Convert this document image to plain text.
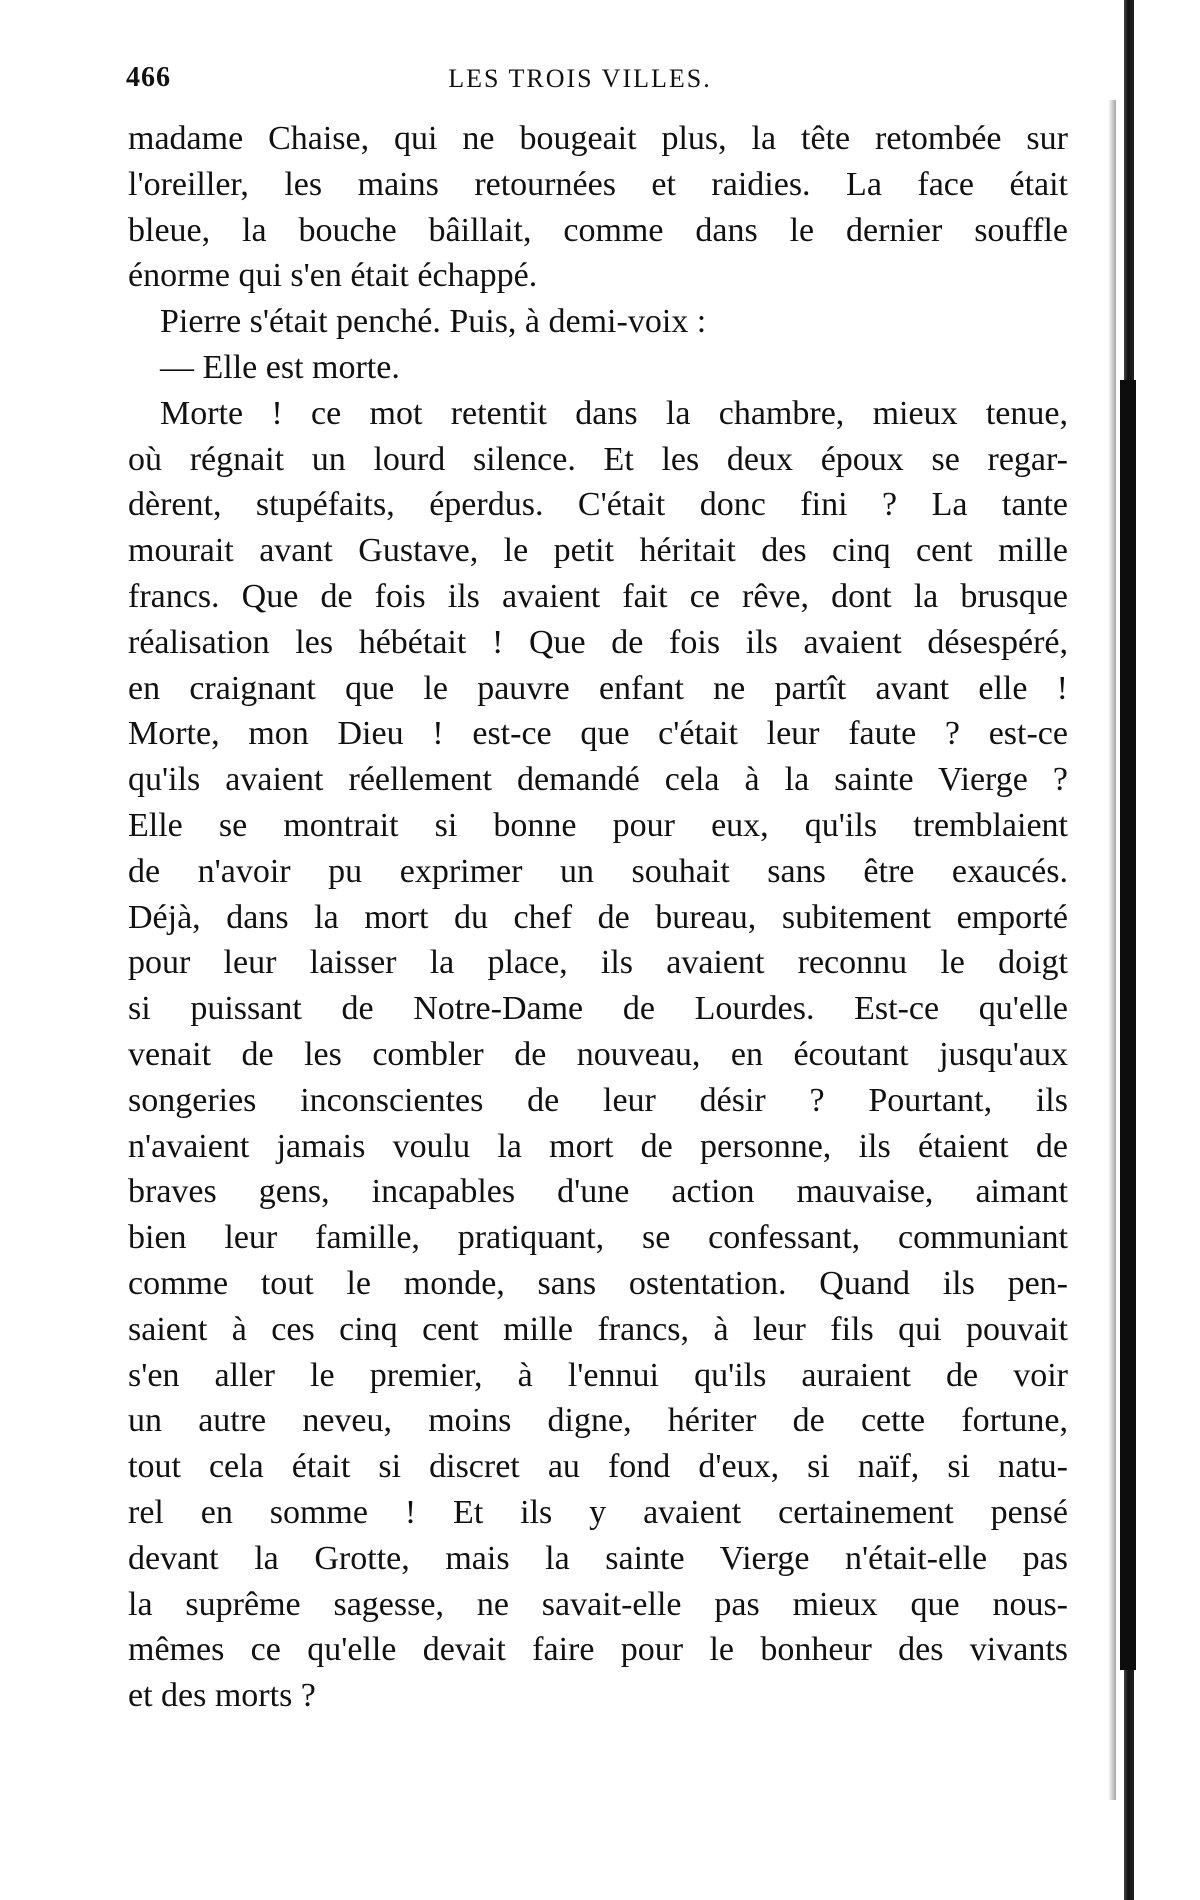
466	LES TROIS VILLES.
madame Chaise, qui ne bougeait plus, la tête retombée sur
l'oreiller, les mains retournées et raidies. La face était
bleue, la bouche bâillait, comme dans le dernier souffle
énorme qui s'en était échappé.
Pierre s'était penché. Puis, à demi-voix :
— Elle est morte.
Morte ! ce mot retentit dans la chambre, mieux tenue,
où régnait un lourd silence. Et les deux époux se regar-
dèrent, stupéfaits, éperdus. C'était donc fini ? La tante
mourait avant Gustave, le petit héritait des cinq cent mille
francs. Que de fois ils avaient fait ce rêve, dont la brusque
réalisation les hébétait ! Que de fois ils avaient désespéré,
en craignant que le pauvre enfant ne partît avant elle !
Morte, mon Dieu ! est-ce que c'était leur faute ? est-ce
qu'ils avaient réellement demandé cela à la sainte Vierge ?
Elle se montrait si bonne pour eux, qu'ils tremblaient
de n'avoir pu exprimer un souhait sans être exaucés.
Déjà, dans la mort du chef de bureau, subitement emporté
pour leur laisser la place, ils avaient reconnu le doigt
si puissant de Notre-Dame de Lourdes. Est-ce qu'elle
venait de les combler de nouveau, en écoutant jusqu'aux
songeries inconscientes de leur désir ? Pourtant, ils
n'avaient jamais voulu la mort de personne, ils étaient de
braves gens, incapables d'une action mauvaise, aimant
bien leur famille, pratiquant, se confessant, communiant
comme tout le monde, sans ostentation. Quand ils pen-
saient à ces cinq cent mille francs, à leur fils qui pouvait
s'en aller le premier, à l'ennui qu'ils auraient de voir
un autre neveu, moins digne, hériter de cette fortune,
tout cela était si discret au fond d'eux, si naïf, si natu-
rel en somme ! Et ils y avaient certainement pensé
devant la Grotte, mais la sainte Vierge n'était-elle pas
la suprême sagesse, ne savait-elle pas mieux que nous-
mêmes ce qu'elle devait faire pour le bonheur des vivants
et des morts ?
